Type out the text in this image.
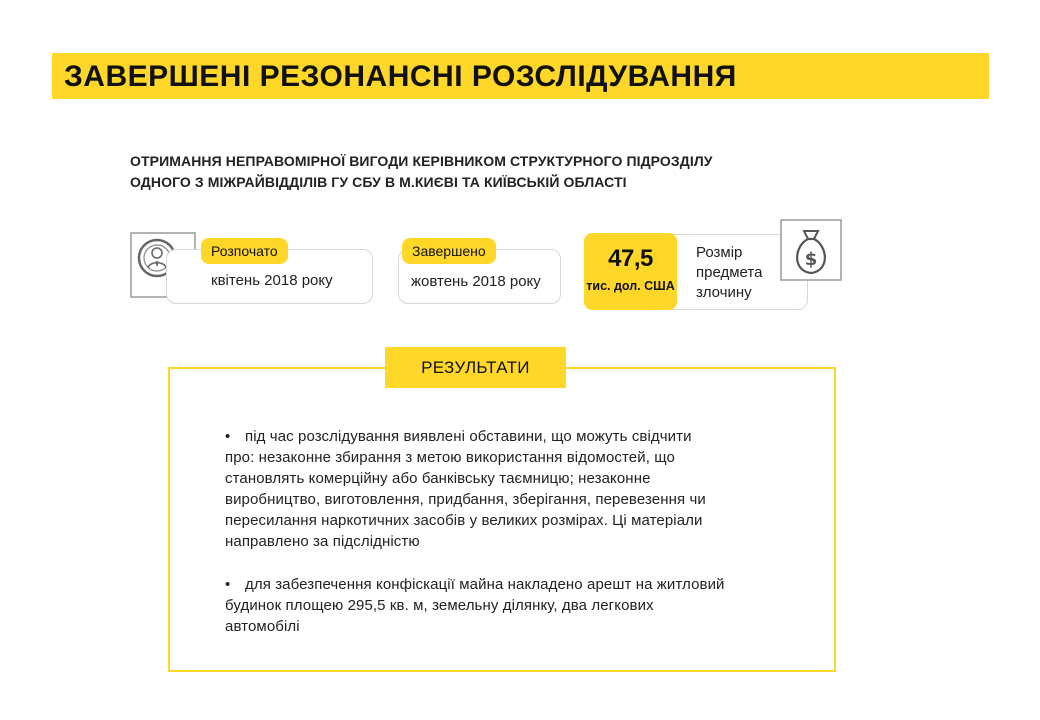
ЗАВЕРШЕНІ РЕЗОНАНСНІ РОЗСЛІДУВАННЯ
ОТРИМАННЯ НЕПРАВОМІРНОЇ ВИГОДИ КЕРІВНИКОМ СТРУКТУРНОГО ПІДРОЗДІЛУ
ОДНОГО З МІЖРАЙВІДДІЛІВ ГУ СБУ В М.КИЄВІ ТА КИЇВСЬКІЙ ОБЛАСТІ
Розпочато
квітень 2018 року
Завершено
жовтень 2018 року
$
47,5
тис. дол. США
Розмір
предмета
злочину
РЕЗУЛЬТАТИ
• під час розслідування виявлені обставини, що можуть свідчити
про: незаконне збирання з метою використання відомостей, що
становлять комерційну або банківську таємницю; незаконне
виробництво, виготовлення, придбання, зберігання, перевезення чи
пересилання наркотичних засобів у великих розмірах. Ці матеріали
направлено за підслідністю
• для забезпечення конфіскації майна накладено арешт на житловий
будинок площею 295,5 кв. м, земельну ділянку, два легкових
автомобілі
